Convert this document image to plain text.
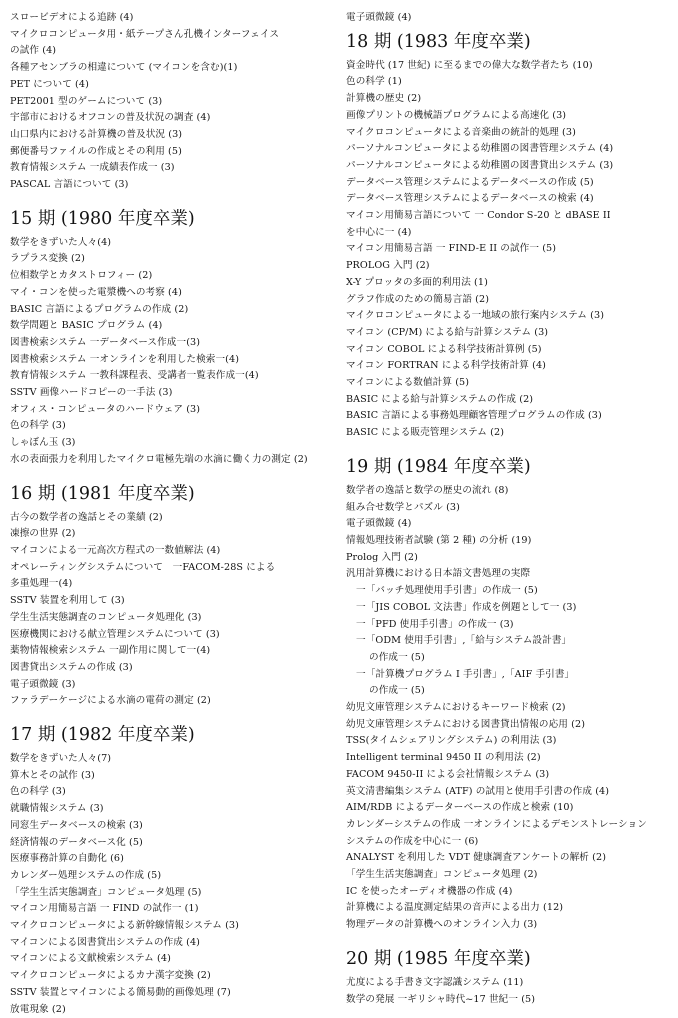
スロービデオによる追跡 (4)
マイクロコンピュータ用・紙テープさん孔機インターフェイス
の試作 (4)
各種アセンブラの相違について (マイコンを含む)(1)
PET について (4)
PET2001 型のゲームについて (3)
宇部市におけるオフコンの普及状況の調査 (4)
山口県内における計算機の普及状況 (3)
郵便番号ファイルの作成とその利用 (5)
教育情報システム 一成績表作成一 (3)
PASCAL 言語について (3)
15 期 (1980 年度卒業)
数学をきずいた人々(4)
ラプラス変換 (2)
位相数学とカタストロフィー (2)
マイ・コンを使った電漿機への考察 (4)
BASIC 言語によるプログラムの作成 (2)
数学問題と BASIC プログラム (4)
図書検索システム 一データベース作成一(3)
図書検索システム 一オンラインを利用した検索一(4)
教育情報システム 一教科課程表、受講者一覧表作成一(4)
SSTV 画像ハードコピーの一手法 (3)
オフィス・コンピュータのハードウェア (3)
色の科学 (3)
しゃぼん玉 (3)
水の表面張力を利用したマイクロ電極先端の水滴に働く力の測定 (2)
16 期 (1981 年度卒業)
古今の数学者の逸話とその業績 (2)
凍擦の世界 (2)
マイコンによる一元高次方程式の一数値解法 (4)
オペレーティングシステムについて　一FACOM-28S による
多重処理一(4)
SSTV 装置を利用して (3)
学生生活実態調査のコンピュータ処理化 (3)
医療機関における献立管理システムについて (3)
薬物情報検索システム 一副作用に関して一(4)
図書貸出システムの作成 (3)
電子頭微鏡 (3)
ファラデーケージによる水滴の電荷の測定 (2)
17 期 (1982 年度卒業)
数学をきずいた人々(7)
算木とその試作 (3)
色の科学 (3)
就職情報システム (3)
同窓生データベースの検索 (3)
経済情報のデータベース化 (5)
医療事務計算の自動化 (6)
カレンダー処理システムの作成 (5)
「学生生活実態調査」コンピュータ処理 (5)
マイコン用簡易言語 一 FIND の試作一 (1)
マイクロコンピュータによる新幹線情報システム (3)
マイコンによる図書貸出システムの作成 (4)
マイコンによる文献検索システム (4)
マイクロコンピュータによるカナ漢字変換 (2)
SSTV 装置とマイコンによる簡易動的画像処理 (7)
放電現象 (2)
電子頭微鏡 (4)
18 期 (1983 年度卒業)
資金時代 (17 世紀) に至るまでの偉大な数学者たち (10)
色の科学 (1)
計算機の歴史 (2)
画像プリントの機械語プログラムによる高速化 (3)
マイクロコンピュータによる音楽曲の統計的処理 (3)
パーソナルコンピュータによる幼稚園の図書管理システム (4)
パーソナルコンピュータによる幼稚園の図書貸出システム (3)
データベース管理システムによるデータベースの作成 (5)
データベース管理システムによるデータベースの検索 (4)
マイコン用簡易言語について 一 Condor S-20 と dBASE II
を中心に一 (4)
マイコン用簡易言語 一 FIND-E II の試作一 (5)
PROLOG 入門 (2)
X-Y プロッタの多面的利用法 (1)
グラフ作成のための簡易言語 (2)
マイクロコンピュータによる一地域の旅行案内システム (3)
マイコン (CP/M) による給与計算システム (3)
マイコン COBOL による科学技術計算例 (5)
マイコン FORTRAN による科学技術計算 (4)
マイコンによる数値計算 (5)
BASIC による給与計算システムの作成 (2)
BASIC 言語による事務処理顧客管理プログラムの作成 (3)
BASIC による販売管理システム (2)
19 期 (1984 年度卒業)
数学者の逸話と数学の歴史の流れ (8)
組み合せ数学とパズル (3)
電子頭微鏡 (4)
情報処理技術者試験 (第 2 種) の分析 (19)
Prolog 入門 (2)
汎用計算機における日本語文書処理の実際
一「バッチ処理使用手引書」の作成一 (5)
一「JIS COBOL 文法書」作成を例題として一 (3)
一「PFD 使用手引書」の作成一 (3)
一「ODM 使用手引書」,「給与システム設計書」
の作成一 (5)
一「計算機プログラム I 手引書」,「AIF 手引書」
の作成一 (5)
幼児文庫管理システムにおけるキーワード検索 (2)
幼児文庫管理システムにおける図書貸出情報の応用 (2)
TSS(タイムシェアリングシステム) の利用法 (3)
Intelligent terminal 9450 II の利用法 (2)
FACOM 9450-II による会社情報システム (3)
英文清書編集システム (ATF) の試用と使用手引書の作成 (4)
AIM/RDB によるデーターベースの作成と検索 (10)
カレンダーシステムの作成 一オンラインによるデモンストレーション
システムの作成を中心に一 (6)
ANALYST を利用した VDT 健康調査アンケートの解析 (2)
「学生生活実態調査」コンピュータ処理 (2)
IC を使ったオーディオ機器の作成 (4)
計算機による温度測定結果の音声による出力 (12)
物理データの計算機へのオンライン入力 (3)
20 期 (1985 年度卒業)
尤度による手書き文字認識システム (11)
数学の発展 一ギリシャ時代~17 世紀一 (5)
